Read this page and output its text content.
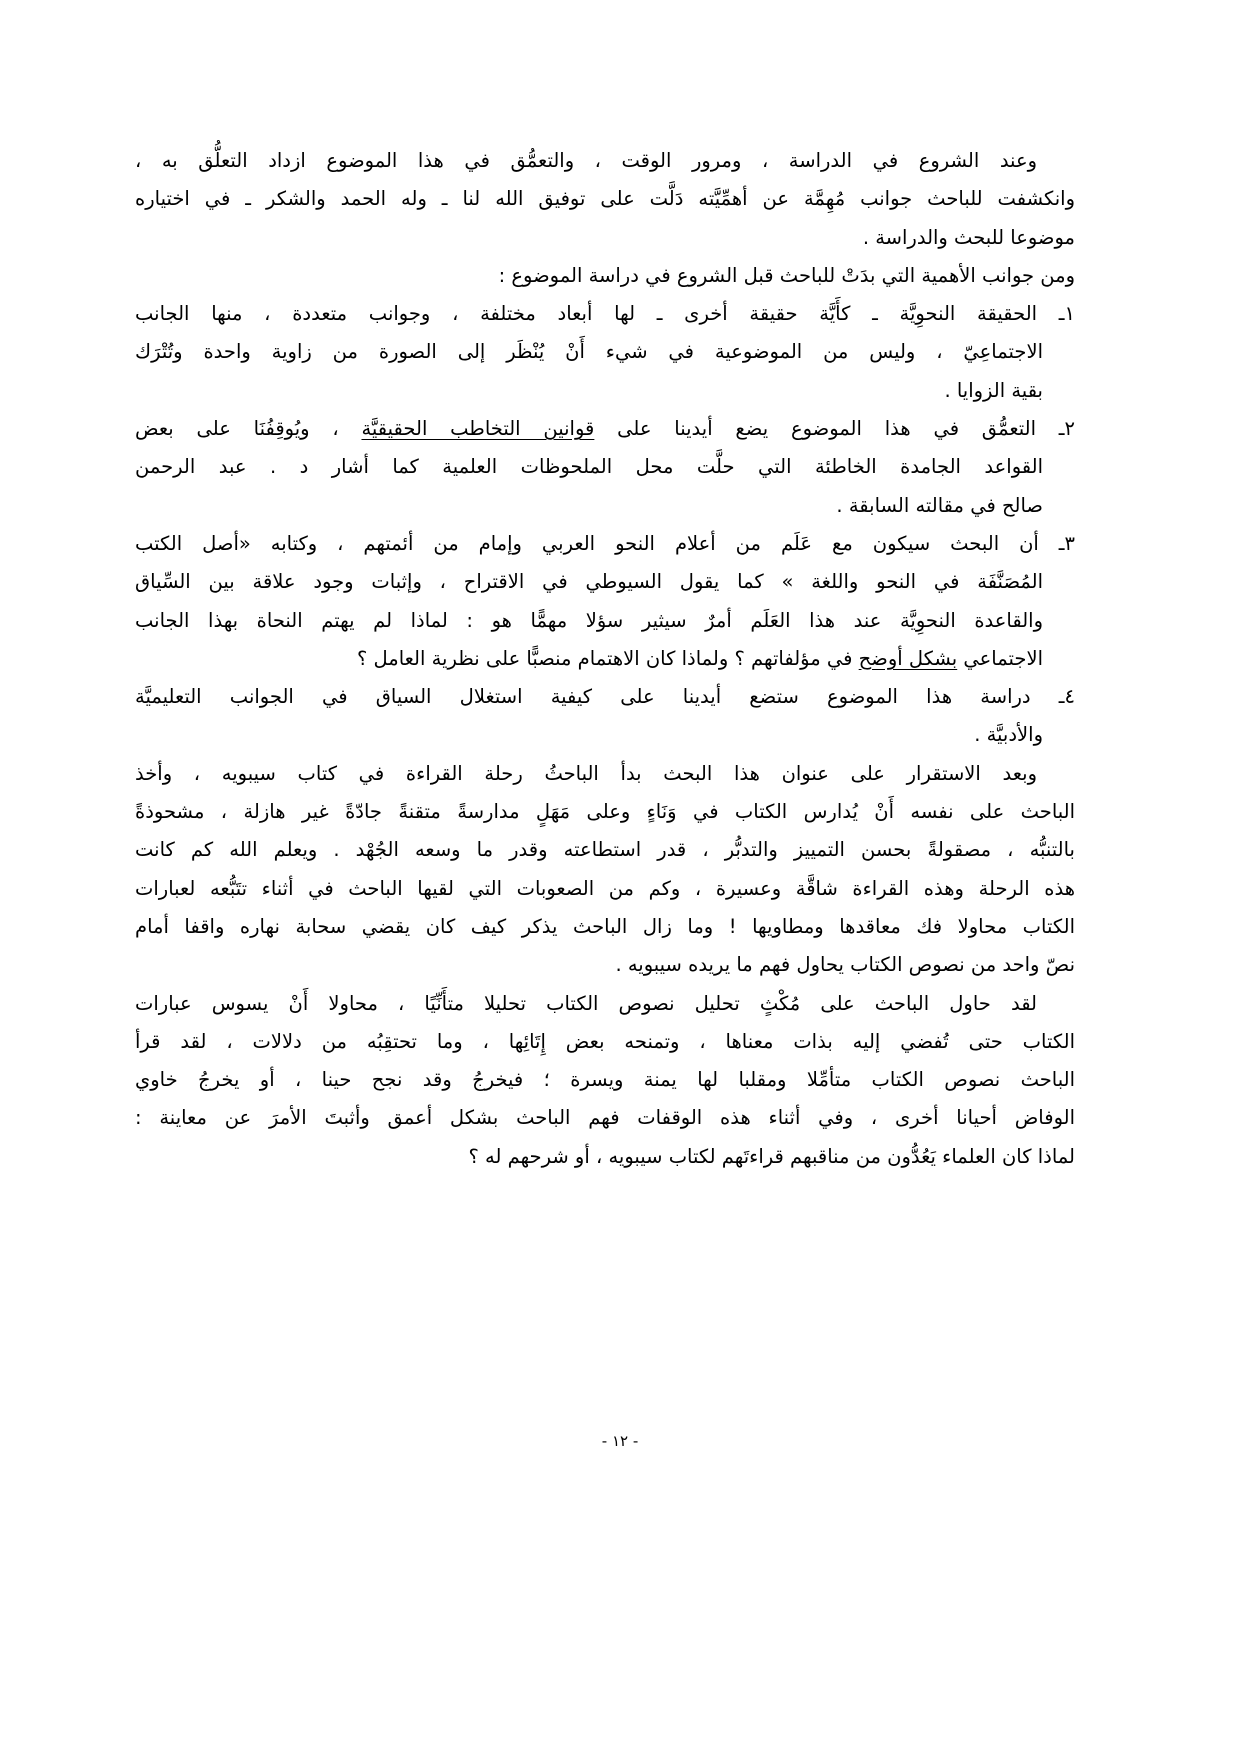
وعند الشروع في الدراسة ، ومرور الوقت ، والتعمُّق في هذا الموضوع ازداد التعلُّق به ،
وانكشفت للباحث جوانب مُهِمَّة عن أهمِّيَّته دَلَّت على توفيق الله لنا ـ وله الحمد والشكر ـ في اختياره
موضوعا للبحث والدراسة .
ومن جوانب الأهمية التي بدَتْ للباحث قبل الشروع في دراسة الموضوع :
١ـ الحقيقة النحوِيَّة ـ كأَيَّة حقيقة أخرى ـ لها أبعاد مختلفة ، وجوانب متعددة ، منها الجانب
الاجتماعِيّ ، وليس من الموضوعية في شيء أَنْ يُنْظَر إلى الصورة من زاوية واحدة وتُتْرَك
بقية الزوايا .
٢ـ التعمُّق في هذا الموضوع يضع أيدينا على قوانين التخاطب الحقيقيَّة ، ويُوقِفُنَا على بعض
القواعد الجامدة الخاطئة التي حلَّت محل الملحوظات العلمية كما أشار د . عبد الرحمن
صالح في مقالته السابقة .
٣ـ أن البحث سيكون مع عَلَم من أعلام النحو العربي وإمام من أئمتهم ، وكتابه «أصل الكتب
المُصَنَّفَة في النحو واللغة » كما يقول السيوطي في الاقتراح ، وإثبات وجود علاقة بين السِّياق
والقاعدة النحوِيَّة عند هذا العَلَم أمرٌ سيثير سؤلا مهمًّا هو : لماذا لم يهتم النحاة بهذا الجانب
الاجتماعي بشكل أوضح في مؤلفاتهم ؟ ولماذا كان الاهتمام منصبًّا على نظرية العامل ؟
٤ـ دراسة هذا الموضوع ستضع أيدينا على كيفية استغلال السياق في الجوانب التعليميَّة
والأدبيَّة .
وبعد الاستقرار على عنوان هذا البحث بدأ الباحثُ رحلة القراءة في كتاب سيبويه ، وأخذ
الباحث على نفسه أَنْ يُدارس الكتاب في وَنَاءٍ وعلى مَهَلٍ مدارسةً متقنةً جادّةً غير هازلة ، مشحوذةً
بالتنبُّه ، مصقولةً بحسن التمييز والتدبُّر ، قدر استطاعته وقدر ما وسعه الجُهْد . ويعلم الله كم كانت
هذه الرحلة وهذه القراءة شاقَّة وعسيرة ، وكم من الصعوبات التي لقيها الباحث في أثناء تتَبُّعه لعبارات
الكتاب محاولا فك معاقدها ومطاويها ! وما زال الباحث يذكر كيف كان يقضي سحابة نهاره واقفا أمام
نصّ واحد من نصوص الكتاب يحاول فهم ما يريده سيبويه .
لقد حاول الباحث على مُكْثٍ تحليل نصوص الكتاب تحليلا متأَنِّيًا ، محاولا أَنْ يسوس عبارات
الكتاب حتى تُفضي إليه بذات معناها ، وتمنحه بعض إِتَائِها ، وما تحتقِبُه من دلالات ، لقد قرأ
الباحث نصوص الكتاب متأمِّلا ومقلبا لها يمنة ويسرة ؛ فيخرجُ وقد نجح حينا ، أو يخرجُ خاوي
الوفاض أحيانا أخرى ، وفي أثناء هذه الوقفات فهم الباحث بشكل أعمق وأثبتَ الأمرَ عن معاينة :
لماذا كان العلماء يَعُدُّون من مناقبهم قراءتَهم لكتاب سيبويه ، أو شرحهم له ؟
- ١٢ -
